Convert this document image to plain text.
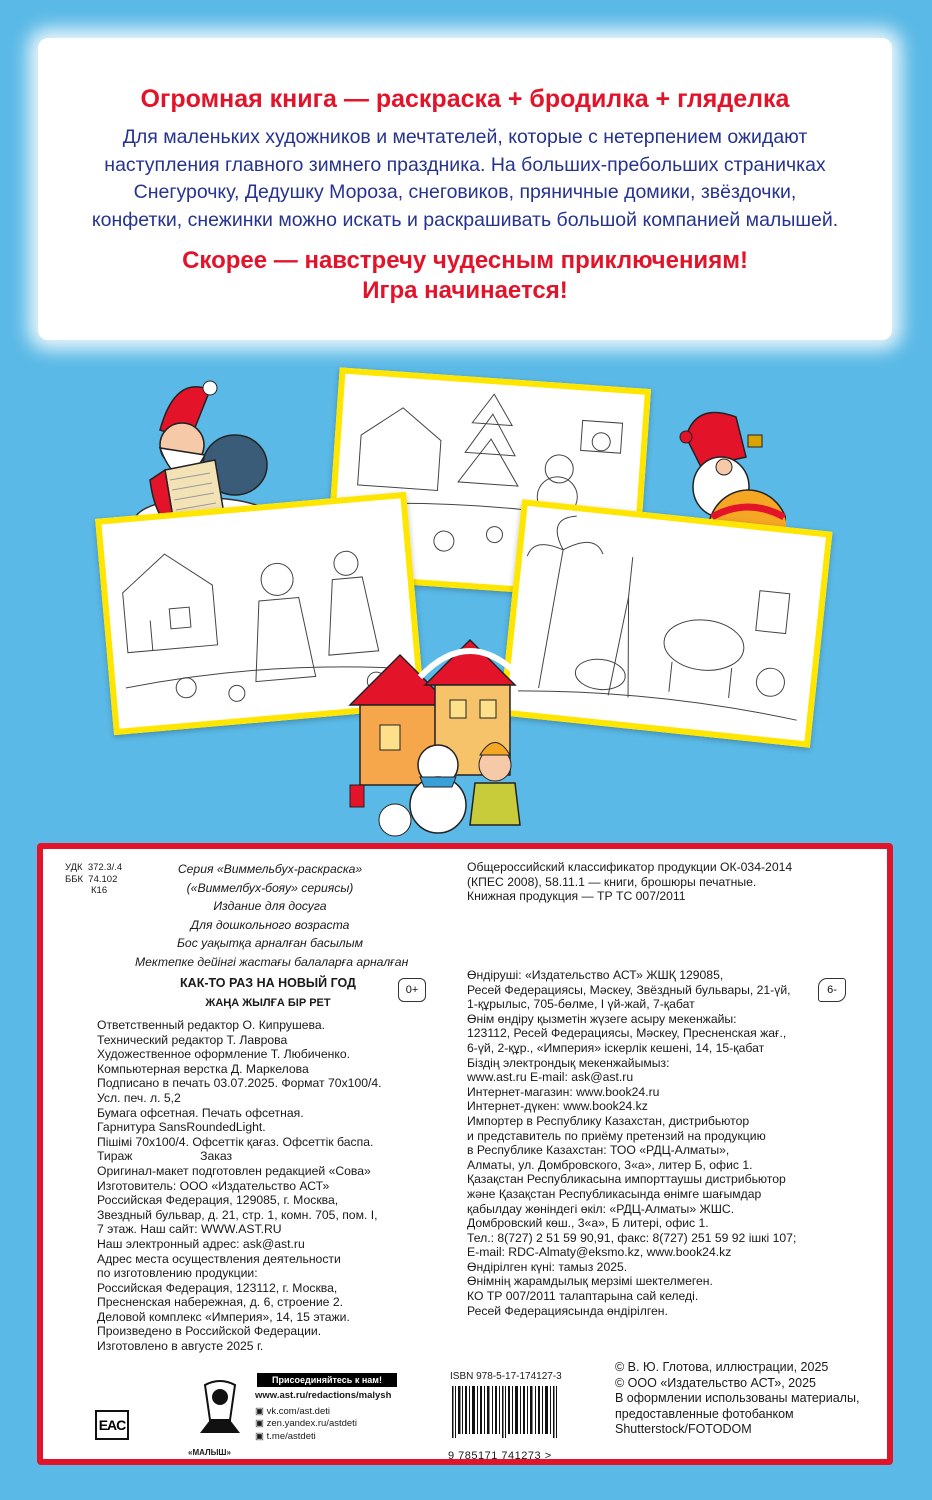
Огромная книга — раскраска + бродилка + гляделка
Для маленьких художников и мечтателей, которые с нетерпением ожидают
наступления главного зимнего праздника. На больших-пребольших страничках
Снегурочку, Дедушку Мороза, снеговиков, пряничные домики, звёздочки,
конфетки, снежинки можно искать и раскрашивать большой компанией малышей.
Скорее — навстречу чудесным приключениям!
Игра начинается!
УДК 372.3/.4
ББК 74.102
К16
Серия «Виммельбух-раскраска»
(«Виммелбух-бояу» сериясы)
Издание для досуга
Для дошкольного возраста
Бос уақытқа арналған басылым
Мектепке дейінгі жастағы балаларға арналған
КАК-ТО РАЗ НА НОВЫЙ ГОД
ЖАҢА ЖЫЛҒА БІР РЕТ
0+	6-
Ответственный редактор О. Кипрушева.
Технический редактор Т. Лаврова
Художественное оформление Т. Любиченко.
Компьютерная верстка Д. Маркелова
Подписано в печать 03.07.2025. Формат 70x100/4.
Усл. печ. л. 5,2
Бумага офсетная. Печать офсетная.
Гарнитура SansRoundedLight.
Пішімі 70x100/4. Офсеттік қағаз. Офсеттік баспа.
Тираж                    Заказ
Оригинал-макет подготовлен редакцией «Сова»
Изготовитель: ООО «Издательство АСТ»
Российская Федерация, 129085, г. Москва,
Звездный бульвар, д. 21, стр. 1, комн. 705, пом. I,
7 этаж. Наш сайт: WWW.AST.RU
Наш электронный адрес: ask@ast.ru
Адрес места осуществления деятельности
по изготовлению продукции:
Российская Федерация, 123112, г. Москва,
Пресненская набережная, д. 6, строение 2.
Деловой комплекс «Империя», 14, 15 этажи.
Произведено в Российской Федерации.
Изготовлено в августе 2025 г.
Общероссийский классификатор продукции ОК-034-2014
(КПЕС 2008), 58.11.1 — книги, брошюры печатные.
Книжная продукция — ТР ТС 007/2011
Өндіруші: «Издательство АСТ» ЖШҚ 129085,
Ресей Федерациясы, Мәскеу, Звёздный бульвары, 21-үй,
1-құрылыс, 705-бөлме, I үй-жай, 7-қабат
Өнім өндіру қызметін жүзеге асыру мекенжайы:
123112, Ресей Федерациясы, Мәскеу, Пресненская жағ.,
6-үй, 2-құр., «Империя» іскерлік кешені, 14, 15-қабат
Біздің электрондық мекенжайымыз:
www.ast.ru E-mail: ask@ast.ru
Интернет-магазин: www.book24.ru
Интернет-дүкен: www.book24.kz
Импортер в Республику Казахстан, дистрибьютор
и представитель по приёму претензий на продукцию
в Республике Казахстан: ТОО «РДЦ-Алматы»,
Алматы, ул. Домбровского, 3«а», литер Б, офис 1.
Қазақстан Республикасына импорттаушы дистрибьютор
және Қазақстан Республикасында өнімге шағымдар
қабылдау жөніндегі өкіл: «РДЦ-Алматы» ЖШС.
Домбровский көш., 3«а», Б литері, офис 1.
Тел.: 8(727) 2 51 59 90,91, факс: 8(727) 251 59 92 ішкі 107;
E-mail: RDC-Almaty@eksmo.kz, www.book24.kz
Өндірілген күні: тамыз 2025.
Өнімнің жарамдылық мерзімі шектелмеген.
КО ТР 007/2011 талаптарына сай келеді.
Ресей Федерациясында өндірілген.
© В. Ю. Глотова, иллюстрации, 2025
© ООО «Издательство АСТ», 2025
В оформлении использованы материалы,
предоставленные фотобанком
Shutterstock/FOTODOM
EAC
«МАЛЫШ»
Присоединяйтесь к нам!
www.ast.ru/redactions/malysh
▣ vk.com/ast.deti
▣ zen.yandex.ru/astdeti
▣ t.me/astdeti
ISBN 978-5-17-174127-3
9 785171 741273 >
